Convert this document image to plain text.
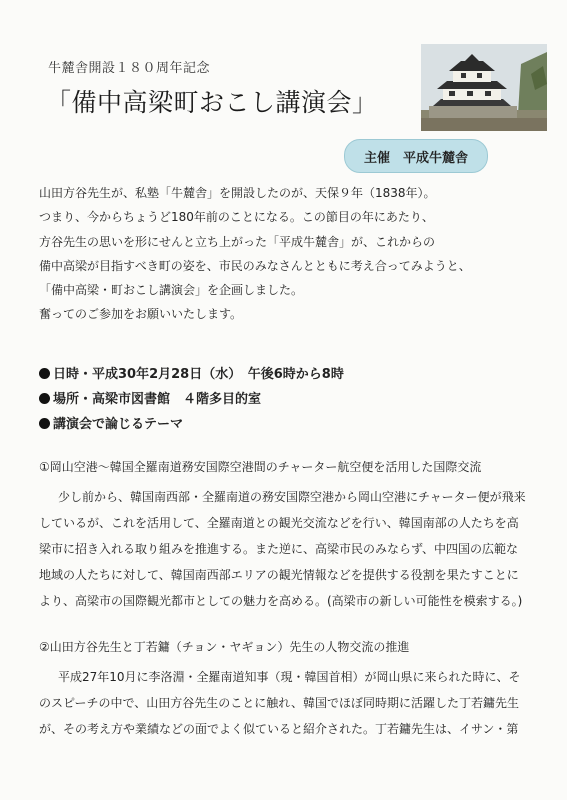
牛麓舎開設１８０周年記念
「備中高梁町おこし講演会」
主催　平成牛麓舎

山田方谷先生が、私塾「牛麓舎」を開設したのが、天保９年（1838年）。

つまり、今からちょうど180年前のことになる。この節目の年にあたり、

方谷先生の思いを形にせんと立ち上がった「平成牛麓舎」が、これからの

備中高梁が目指すべき町の姿を、市民のみなさんとともに考え合ってみようと、

「備中高梁・町おこし講演会」を企画しました。

奮ってのご参加をお願いいたします。

日時・平成30年2月28日（水）　午後6時から8時
場所・高梁市図書館　４階多目的室
講演会で論じるテーマ
①岡山空港～韓国全羅南道務安国際空港間のチャーター航空便を活用した国際交流

少し前から、韓国南西部・全羅南道の務安国際空港から岡山空港にチャーター便が飛来

しているが、これを活用して、全羅南道との観光交流などを行い、韓国南部の人たちを高

梁市に招き入れる取り組みを推進する。また逆に、高梁市民のみならず、中四国の広範な

地域の人たちに対して、韓国南西部エリアの観光情報などを提供する役割を果たすことに

より、高梁市の国際観光都市としての魅力を高める。(高梁市の新しい可能性を模索する。)

②山田方谷先生と丁若鏞（チョン・ヤギョン）先生の人物交流の推進

平成27年10月に李洛淵・全羅南道知事（現・韓国首相）が岡山県に来られた時に、そ

のスピーチの中で、山田方谷先生のことに触れ、韓国でほぼ同時期に活躍した丁若鏞先生

が、その考え方や業績などの面でよく似ていると紹介された。丁若鏞先生は、イサン・第
